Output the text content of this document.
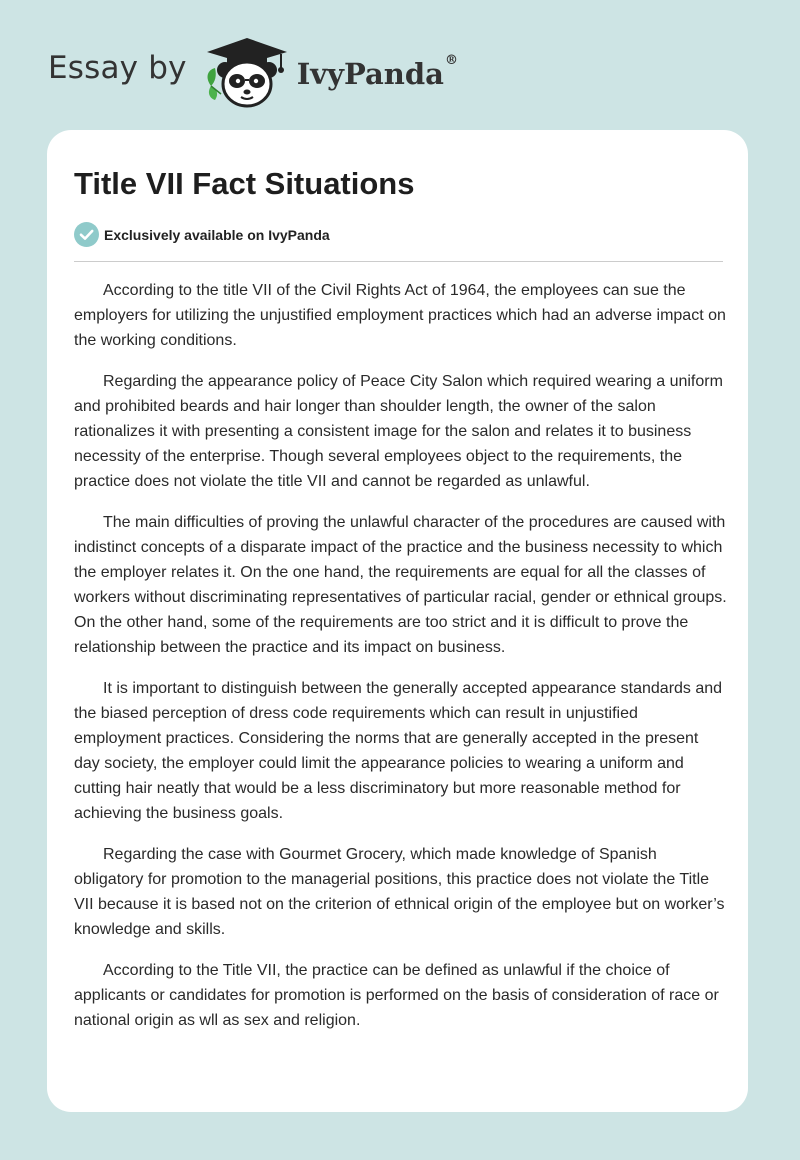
Essay by	IvyPanda®
Title VII Fact Situations
Exclusively available on IvyPanda

According to the title VII of the Civil Rights Act of 1964, the employees can sue the employers for utilizing the unjustified employment practices which had an adverse impact on the working conditions.

Regarding the appearance policy of Peace City Salon which required wearing a uniform and prohibited beards and hair longer than shoulder length, the owner of the salon rationalizes it with presenting a consistent image for the salon and relates it to business necessity of the enterprise. Though several employees object to the requirements, the practice does not violate the title VII and cannot be regarded as unlawful.

The main difficulties of proving the unlawful character of the procedures are caused with indistinct concepts of a disparate impact of the practice and the business necessity to which the employer relates it. On the one hand, the requirements are equal for all the classes of workers without discriminating representatives of particular racial, gender or ethnical groups. On the other hand, some of the requirements are too strict and it is difficult to prove the relationship between the practice and its impact on business.

It is important to distinguish between the generally accepted appearance standards and the biased perception of dress code requirements which can result in unjustified employment practices. Considering the norms that are generally accepted in the present day society, the employer could limit the appearance policies to wearing a uniform and cutting hair neatly that would be a less discriminatory but more reasonable method for achieving the business goals.

Regarding the case with Gourmet Grocery, which made knowledge of Spanish obligatory for promotion to the managerial positions, this practice does not violate the Title VII because it is based not on the criterion of ethnical origin of the employee but on worker’s knowledge and skills.

According to the Title VII, the practice can be defined as unlawful if the choice of applicants or candidates for promotion is performed on the basis of consideration of race or national origin as wll as sex and religion.
